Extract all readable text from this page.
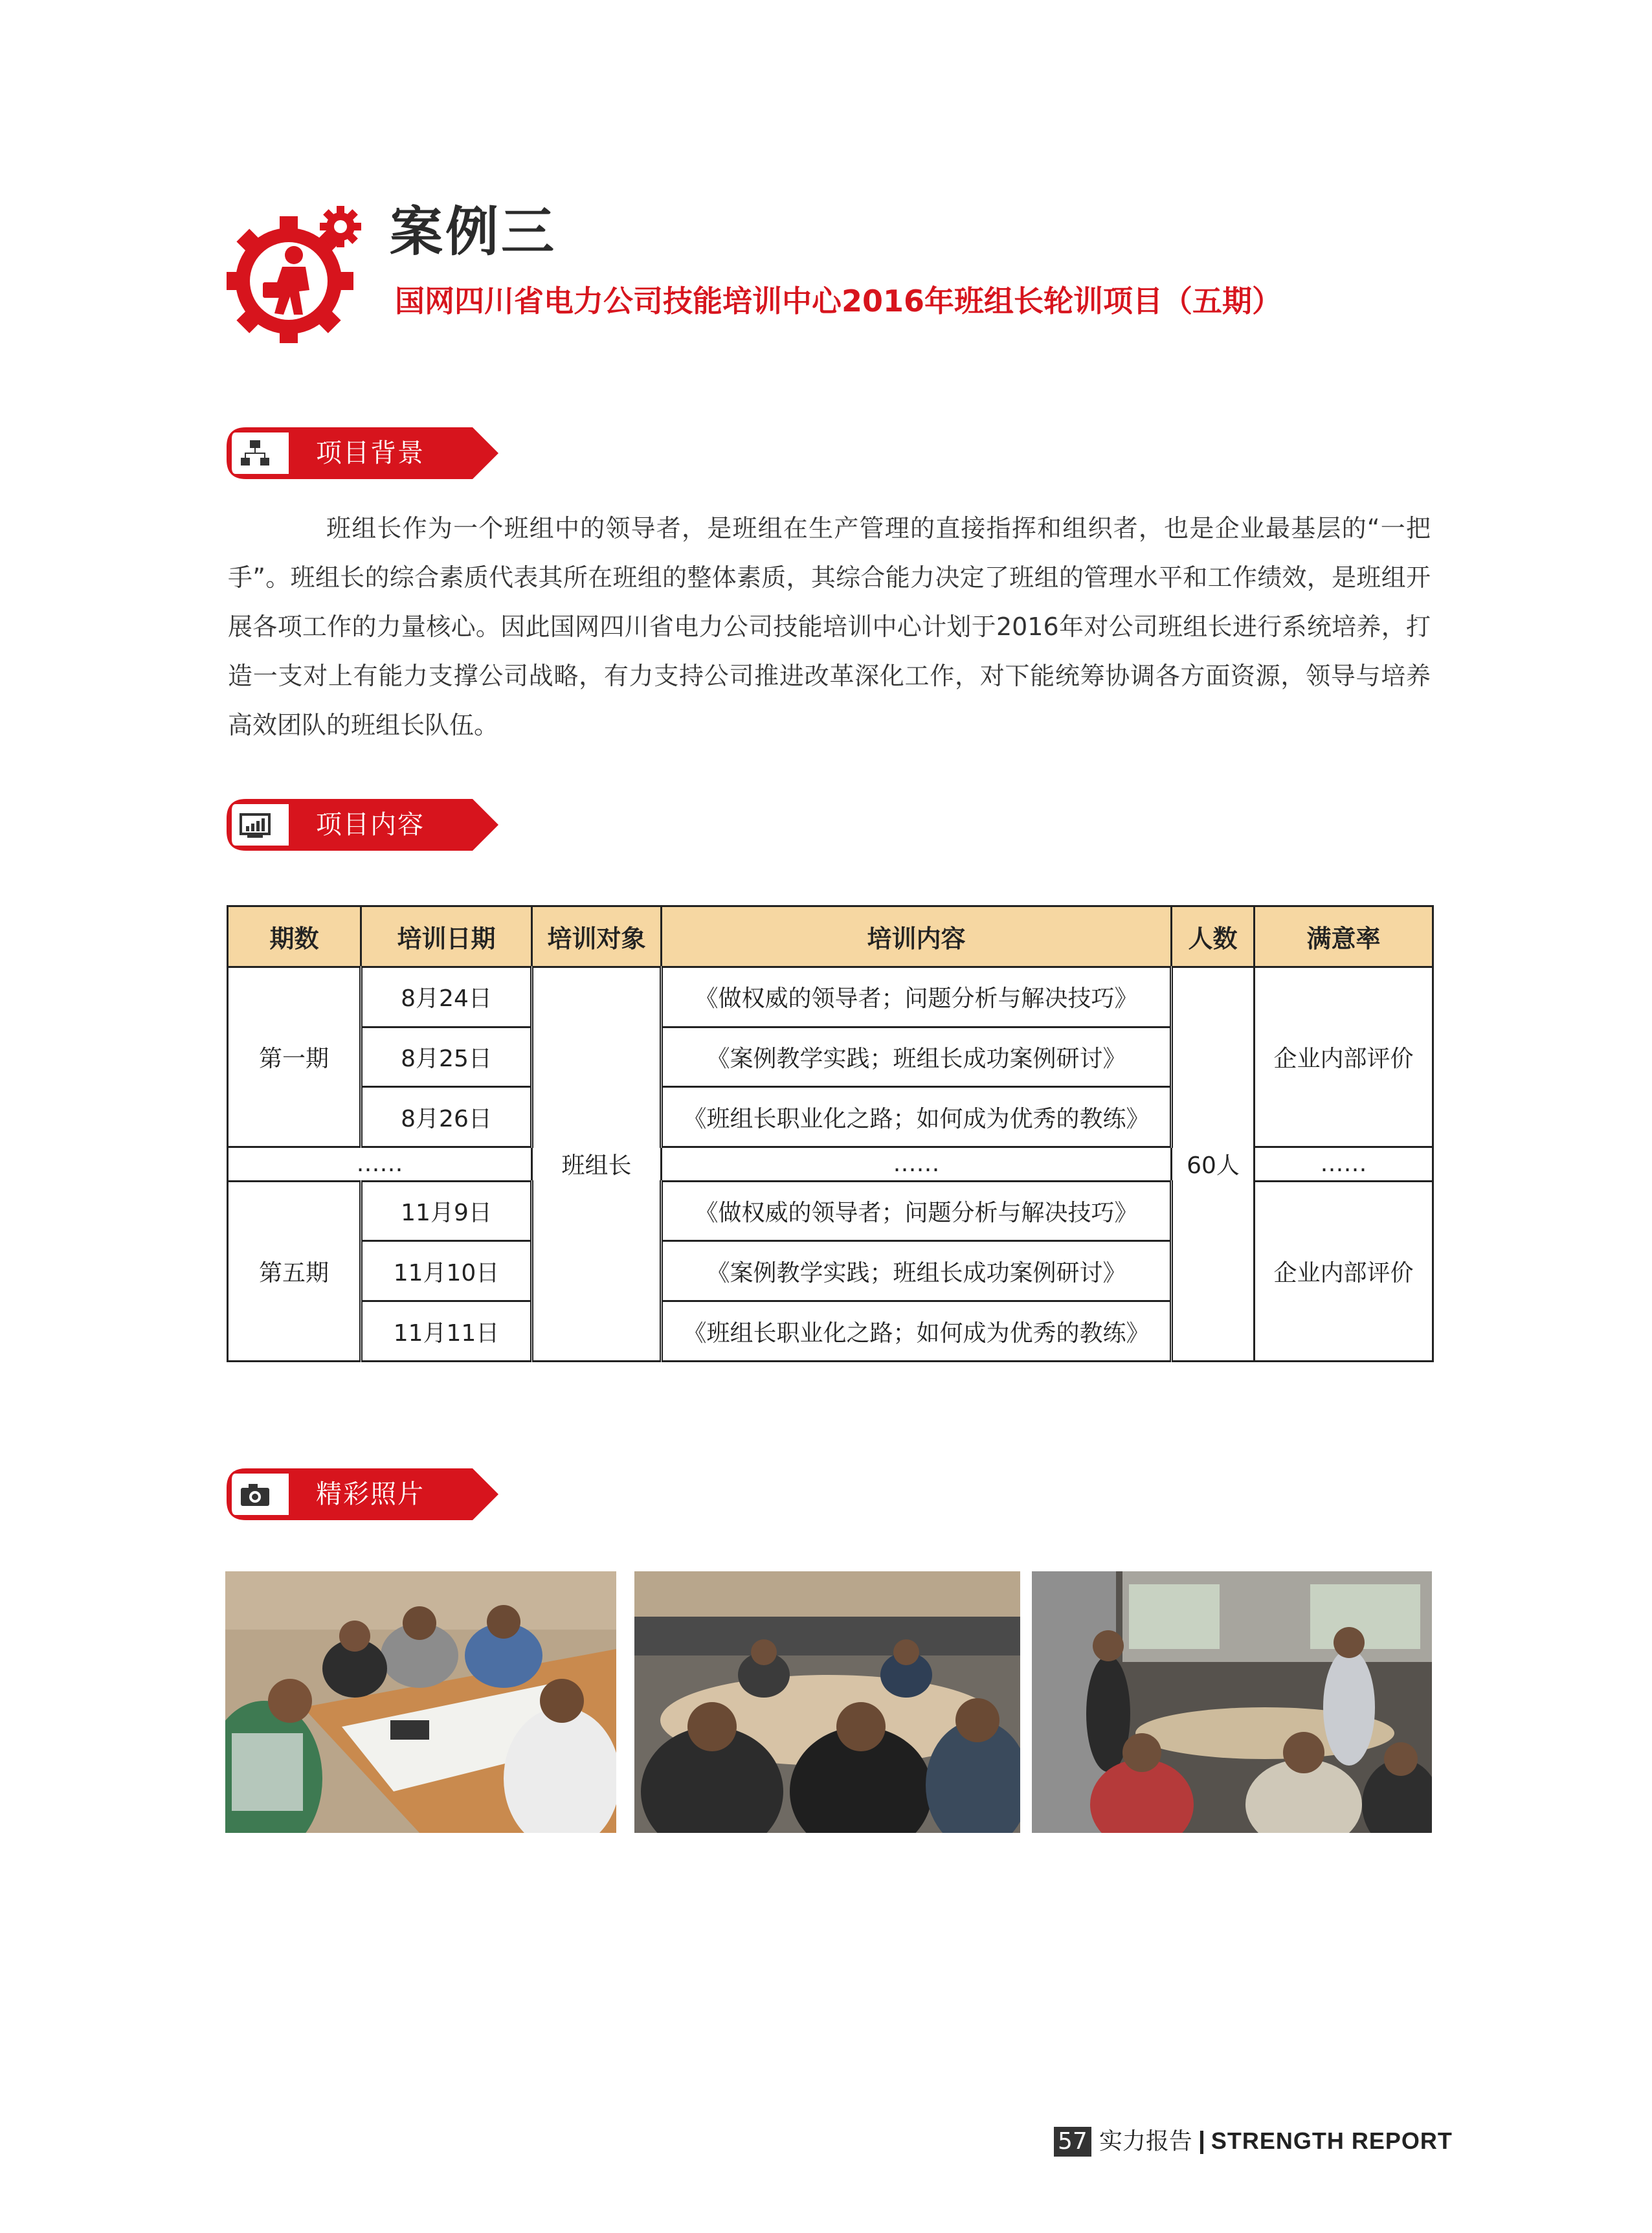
案例三
国网四川省电力公司技能培训中心2016年班组长轮训项目（五期）
项目背景

班组长作为一个班组中的领导者，是班组在生产管理的直接指挥和组织者，也是企业最基层的“一把手”。班组长的综合素质代表其所在班组的整体素质，其综合能力决定了班组的管理水平和工作绩效，是班组开展各项工作的力量核心。因此国网四川省电力公司技能培训中心计划于2016年对公司班组长进行系统培养，打造一支对上有能力支撑公司战略，有力支持公司推进改革深化工作，对下能统筹协调各方面资源，领导与培养高效团队的班组长队伍。

项目内容
期数	培训日期	培训对象	培训内容	人数	满意率
第一期	8月24日	班组长	《做权威的领导者；问题分析与解决技巧》	60人	企业内部评价
	8月25日		《案例教学实践；班组长成功案例研讨》		
	8月26日		《班组长职业化之路；如何成为优秀的教练》		
……			……		……
第五期	11月9日		《做权威的领导者；问题分析与解决技巧》		企业内部评价
	11月10日		《案例教学实践；班组长成功案例研讨》		
	11月11日		《班组长职业化之路；如何成为优秀的教练》		
精彩照片
57 实力报告 STRENGTH REPORT
